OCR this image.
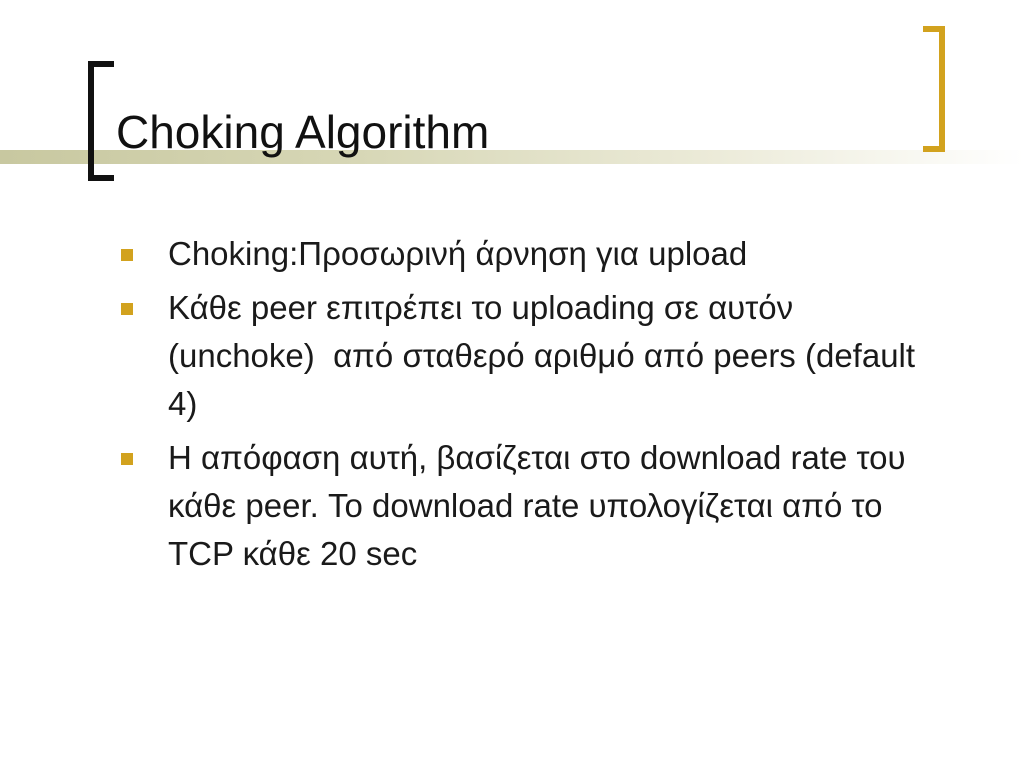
Choking Algorithm
Choking:Προσωρινή άρνηση για upload
Κάθε peer επιτρέπει το uploading σε αυτόν (unchoke)  από σταθερό αριθμό από peers (default 4)
Η απόφαση αυτή, βασίζεται στο download rate του κάθε peer. Το download rate υπολογίζεται από το TCP κάθε 20 sec
